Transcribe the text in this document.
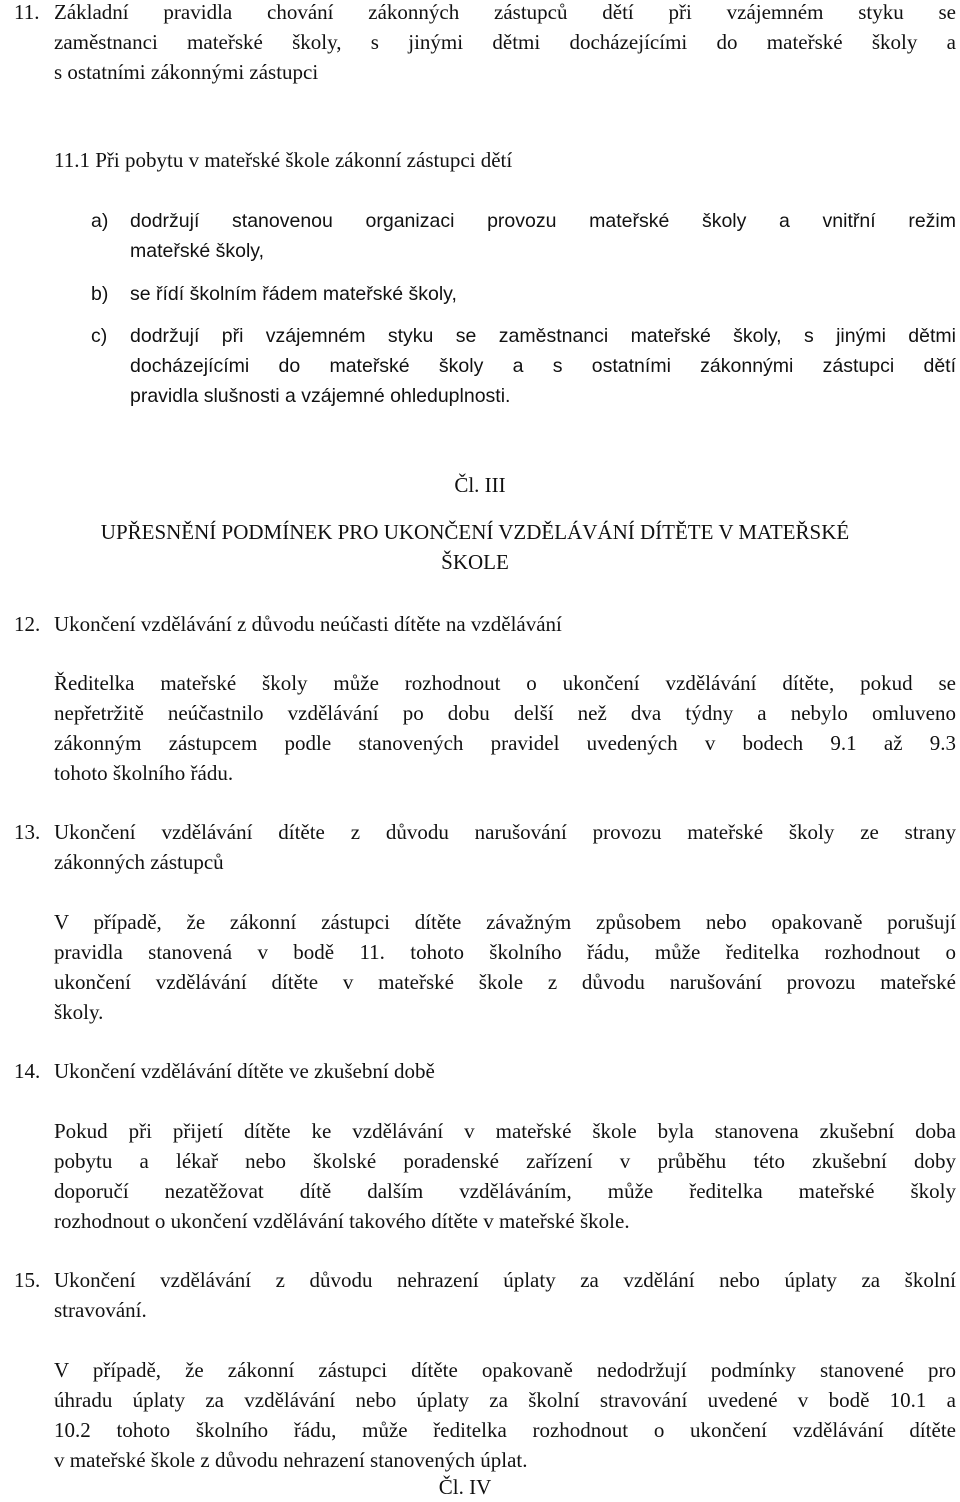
11. Základní pravidla chování zákonných zástupců dětí při vzájemném styku se
zaměstnanci mateřské školy, s jinými dětmi docházejícími do mateřské školy a
s ostatními zákonnými zástupci
11.1 Při pobytu v mateřské škole zákonní zástupci dětí
a) dodržují stanovenou organizaci provozu mateřské školy a vnitřní režim
mateřské školy,
b) se řídí školním řádem mateřské školy,
c) dodržují při vzájemném styku se zaměstnanci mateřské školy, s jinými dětmi
docházejícími do mateřské školy a s ostatními zákonnými zástupci dětí
pravidla slušnosti a vzájemné ohleduplnosti.
Čl. III
UPŘESNĚNÍ PODMÍNEK PRO UKONČENÍ VZDĚLÁVÁNÍ DÍTĚTE V MATEŘSKÉ
ŠKOLE
12. Ukončení vzdělávání z důvodu neúčasti dítěte na vzdělávání
Ředitelka mateřské školy může rozhodnout o ukončení vzdělávání dítěte, pokud se
nepřetržitě neúčastnilo vzdělávání po dobu delší než dva týdny a nebylo omluveno
zákonným zástupcem podle stanovených pravidel uvedených v bodech 9.1 až 9.3
tohoto školního řádu.
13. Ukončení vzdělávání dítěte z důvodu narušování provozu mateřské školy ze strany
zákonných zástupců
V případě, že zákonní zástupci dítěte závažným způsobem nebo opakovaně porušují
pravidla stanovená v bodě 11. tohoto školního řádu, může ředitelka rozhodnout o
ukončení vzdělávání dítěte v mateřské škole z důvodu narušování provozu mateřské
školy.
14. Ukončení vzdělávání dítěte ve zkušební době
Pokud při přijetí dítěte ke vzdělávání v mateřské škole byla stanovena zkušební doba
pobytu a lékař nebo školské poradenské zařízení v průběhu této zkušební doby
doporučí nezatěžovat dítě dalším vzděláváním, může ředitelka mateřské školy
rozhodnout o ukončení vzdělávání takového dítěte v mateřské škole.
15. Ukončení vzdělávání z důvodu nehrazení úplaty za vzdělání nebo úplaty za školní
stravování.
V případě, že zákonní zástupci dítěte opakovaně nedodržují podmínky stanovené pro
úhradu úplaty za vzdělávání nebo úplaty za školní stravování uvedené v bodě 10.1 a
10.2 tohoto školního řádu, může ředitelka rozhodnout o ukončení vzdělávání dítěte
v mateřské škole z důvodu nehrazení stanovených úplat.
Čl. IV
